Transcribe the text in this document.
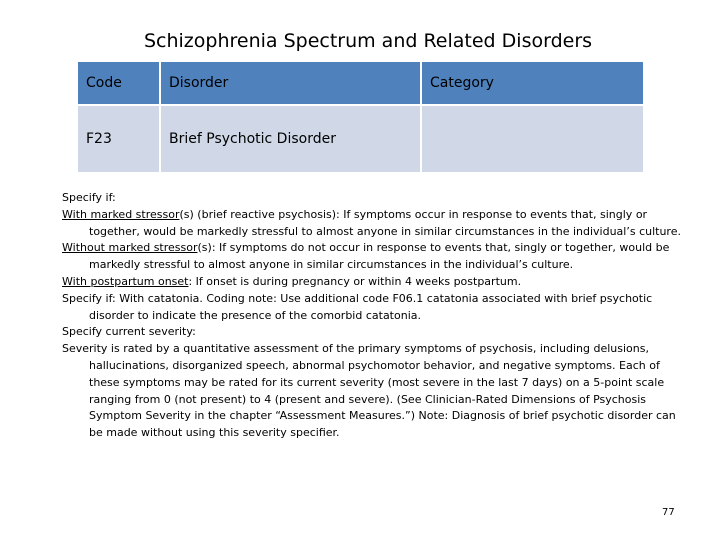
Schizophrenia Spectrum and Related Disorders
Code	Disorder	Category
F23	Brief Psychotic Disorder	

Specify if:

With marked stressor(s) (brief reactive psychosis): If symptoms occur in response to events that, singly or together, would be markedly stressful to almost anyone in similar circumstances in the individual’s culture.

Without marked stressor(s): If symptoms do not occur in response to events that, singly or together, would be markedly stressful to almost anyone in similar circumstances in the individual’s culture.

With postpartum onset: If onset is during pregnancy or within 4 weeks postpartum.

Specify if: With catatonia. Coding note: Use additional code F06.1 catatonia associated with brief psychotic disorder to indicate the presence of the comorbid catatonia.

Specify current severity:

Severity is rated by a quantitative assessment of the primary symptoms of psychosis, including delusions, hallucinations, disorganized speech, abnormal psychomotor behavior, and negative symptoms. Each of these symptoms may be rated for its current severity (most severe in the last 7 days) on a 5-point scale ranging from 0 (not present) to 4 (present and severe). (See Clinician-Rated Dimensions of Psychosis Symptom Severity in the chapter “Assessment Measures.”) Note: Diagnosis of brief psychotic disorder can be made without using this severity specifier.

77
